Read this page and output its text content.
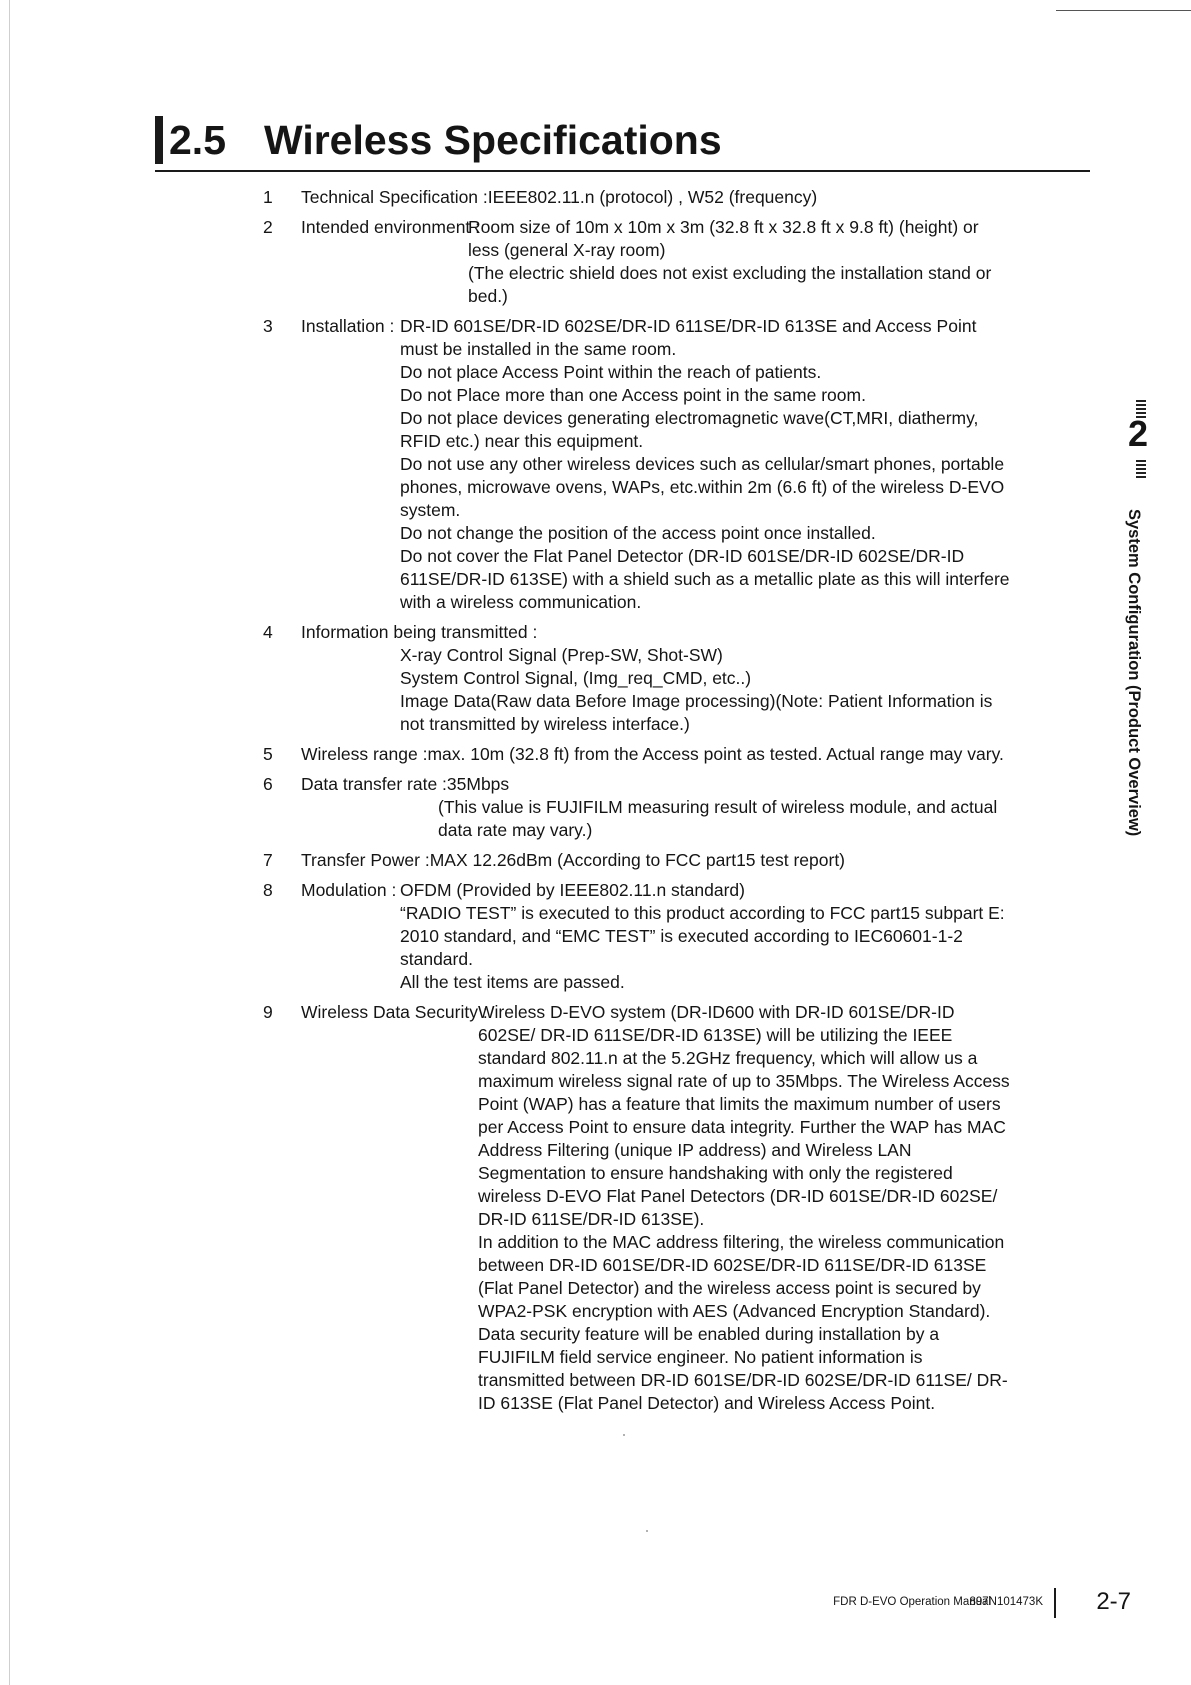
2.5 Wireless Specifications
1	Technical Specification :IEEE802.11.n (protocol) , W52 (frequency)
2	Intended environment :

Room size of 10m x 10m x 3m (32.8 ft x 32.8 ft x 9.8 ft) (height) or less (general X-ray room)

(The electric shield does not exist excluding the installation stand or bed.)

3	Installation : DR-ID 601SE/DR-ID 602SE/DR-ID 611SE/DR-ID 613SE and Access Point must be installed in the same room.

Do not place Access Point within the reach of patients.

Do not Place more than one Access point in the same room.

Do not place devices generating electromagnetic wave(CT,MRI, diathermy, RFID etc.) near this equipment.

Do not use any other wireless devices such as cellular/smart phones, portable phones, microwave ovens, WAPs, etc.within 2m (6.6 ft) of the wireless D-EVO system.

Do not change the position of the access point once installed.

Do not cover the Flat Panel Detector (DR-ID 601SE/DR-ID 602SE/DR-ID 611SE/DR-ID 613SE) with a shield such as a metallic plate as this will interfere with a wireless communication.

4	Information being transmitted :

X-ray Control Signal (Prep-SW, Shot-SW)

System Control Signal, (Img_req_CMD, etc..)

Image Data(Raw data Before Image processing)(Note: Patient Information is not transmitted by wireless interface.)

5	Wireless range :max. 10m (32.8 ft) from the Access point as tested. Actual range may vary.
6	Data transfer rate :35Mbps

(This value is FUJIFILM measuring result of wireless module, and actual data rate may vary.)

7	Transfer Power :MAX 12.26dBm (According to FCC part15 test report)
8	Modulation : OFDM (Provided by IEEE802.11.n standard)

“RADIO TEST” is executed to this product according to FCC part15 subpart E: 2010 standard, and “EMC TEST” is executed according to IEC60601-1-2 standard.

All the test items are passed.

9	Wireless Data Security :

Wireless D-EVO system (DR-ID600 with DR-ID 601SE/DR-ID 602SE/ DR-ID 611SE/DR-ID 613SE) will be utilizing the IEEE standard 802.11.n at the 5.2GHz frequency, which will allow us a maximum wireless signal rate of up to 35Mbps. The Wireless Access Point (WAP) has a feature that limits the maximum number of users per Access Point to ensure data integrity. Further the WAP has MAC Address Filtering (unique IP address) and Wireless LAN Segmentation to ensure handshaking with only the registered wireless D-EVO Flat Panel Detectors (DR-ID 601SE/DR-ID 602SE/ DR-ID 611SE/DR-ID 613SE).

In addition to the MAC address filtering, the wireless communication between DR-ID 601SE/DR-ID 602SE/DR-ID 611SE/DR-ID 613SE (Flat Panel Detector) and the wireless access point is secured by WPA2-PSK encryption with AES (Advanced Encryption Standard).

Data security feature will be enabled during installation by a FUJIFILM field service engineer. No patient information is transmitted between DR-ID 601SE/DR-ID 602SE/DR-ID 611SE/ DR-ID 613SE (Flat Panel Detector) and Wireless Access Point.

2
System Configuration (Product Overview)
FDR D-EVO Operation Manual
897N101473K 2-7
